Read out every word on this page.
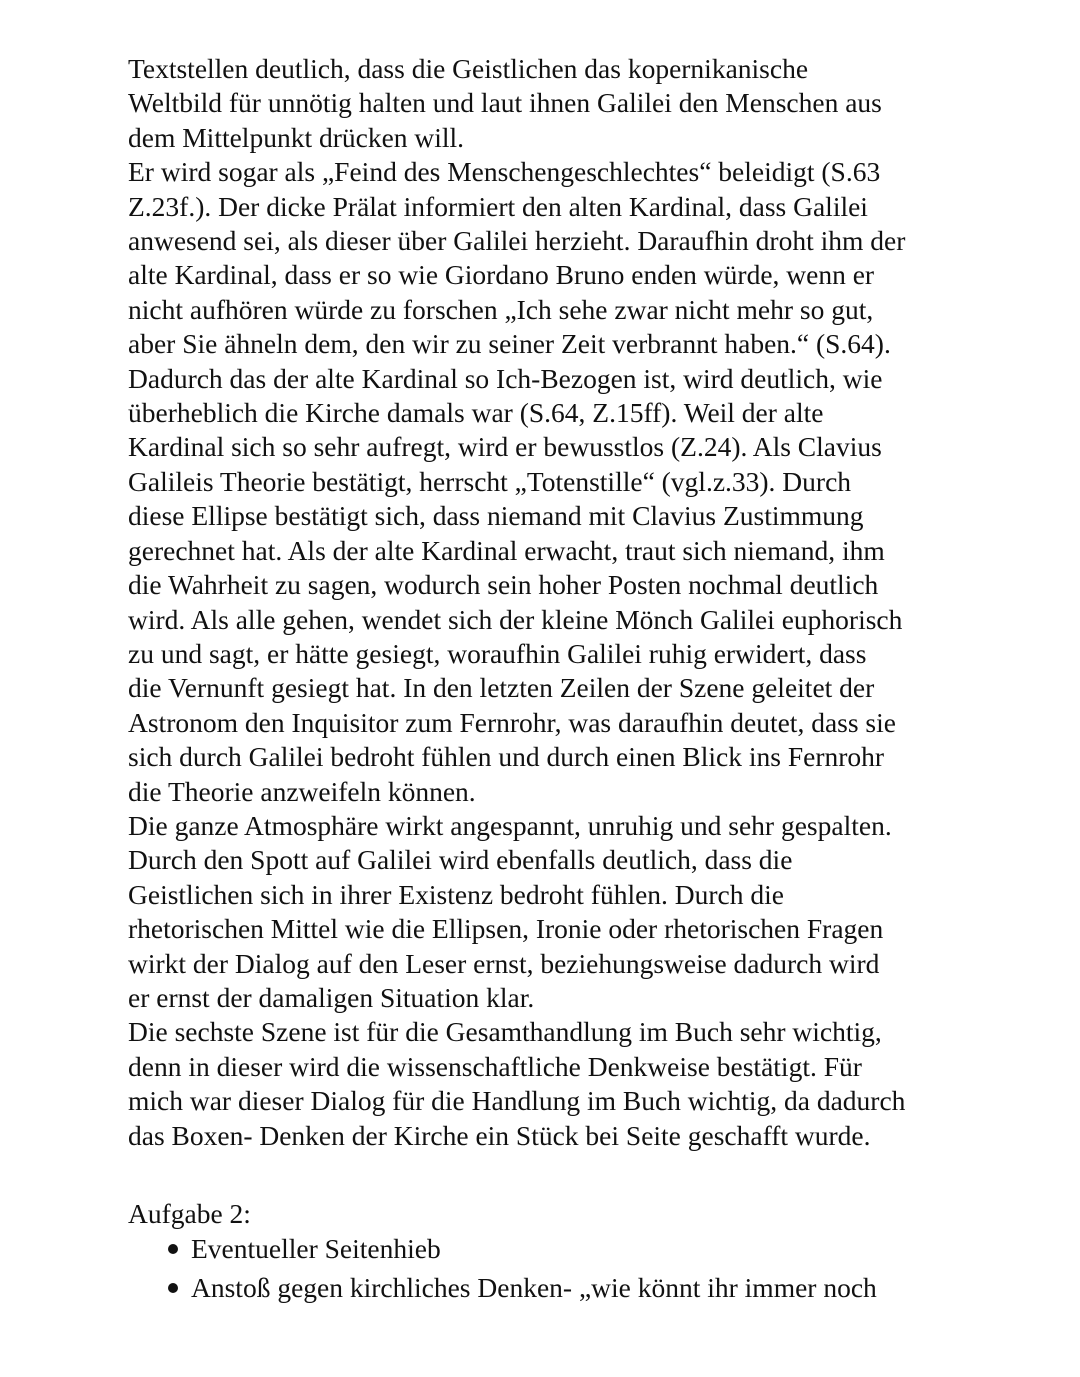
Textstellen deutlich, dass die Geistlichen das kopernikanische
Weltbild für unnötig halten und laut ihnen Galilei den Menschen aus
dem Mittelpunkt drücken will.
Er wird sogar als „Feind des Menschengeschlechtes“ beleidigt (S.63
Z.23f.). Der dicke Prälat informiert den alten Kardinal, dass Galilei
anwesend sei, als dieser über Galilei herzieht. Daraufhin droht ihm der
alte Kardinal, dass er so wie Giordano Bruno enden würde, wenn er
nicht aufhören würde zu forschen „Ich sehe zwar nicht mehr so gut,
aber Sie ähneln dem, den wir zu seiner Zeit verbrannt haben.“ (S.64).
Dadurch das der alte Kardinal so Ich-Bezogen ist, wird deutlich, wie
überheblich die Kirche damals war (S.64, Z.15ff). Weil der alte
Kardinal sich so sehr aufregt, wird er bewusstlos (Z.24). Als Clavius
Galileis Theorie bestätigt, herrscht „Totenstille“ (vgl.z.33). Durch
diese Ellipse bestätigt sich, dass niemand mit Clavius Zustimmung
gerechnet hat. Als der alte Kardinal erwacht, traut sich niemand, ihm
die Wahrheit zu sagen, wodurch sein hoher Posten nochmal deutlich
wird. Als alle gehen, wendet sich der kleine Mönch Galilei euphorisch
zu und sagt, er hätte gesiegt, woraufhin Galilei ruhig erwidert, dass
die Vernunft gesiegt hat. In den letzten Zeilen der Szene geleitet der
Astronom den Inquisitor zum Fernrohr, was daraufhin deutet, dass sie
sich durch Galilei bedroht fühlen und durch einen Blick ins Fernrohr
die Theorie anzweifeln können.
Die ganze Atmosphäre wirkt angespannt, unruhig und sehr gespalten.
Durch den Spott auf Galilei wird ebenfalls deutlich, dass die
Geistlichen sich in ihrer Existenz bedroht fühlen. Durch die
rhetorischen Mittel wie die Ellipsen, Ironie oder rhetorischen Fragen
wirkt der Dialog auf den Leser ernst, beziehungsweise dadurch wird
er ernst der damaligen Situation klar.
Die sechste Szene ist für die Gesamthandlung im Buch sehr wichtig,
denn in dieser wird die wissenschaftliche Denkweise bestätigt. Für
mich war dieser Dialog für die Handlung im Buch wichtig, da dadurch
das Boxen- Denken der Kirche ein Stück bei Seite geschafft wurde.
Aufgabe 2:
Eventueller Seitenhieb
Anstoß gegen kirchliches Denken- „wie könnt ihr immer noch
